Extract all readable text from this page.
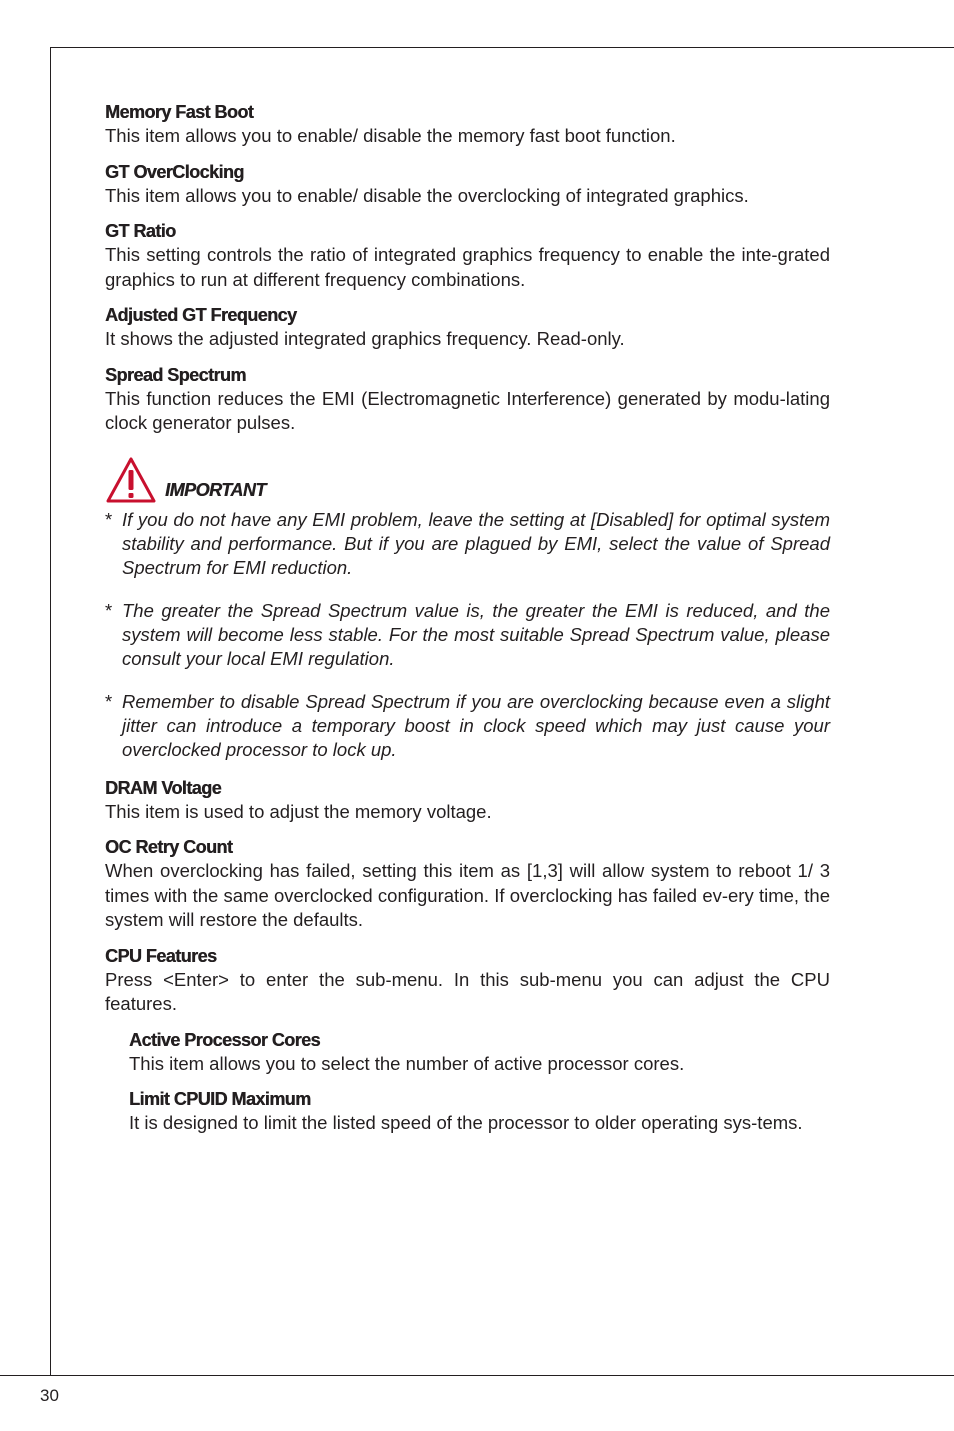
Memory Fast Boot
This item allows you to enable/ disable the memory fast boot function.
GT OverClocking
This item allows you to enable/ disable the overclocking of integrated graphics.
GT Ratio
This setting controls the ratio of integrated graphics frequency to enable the inte-grated graphics to run at different frequency combinations.
Adjusted GT Frequency
It shows the adjusted integrated graphics frequency. Read-only.
Spread Spectrum
This function reduces the EMI (Electromagnetic Interference) generated by modu-lating clock generator pulses.
IMPORTANT
* If you do not have any EMI problem, leave the setting at [Disabled] for optimal system stability and performance. But if you are plagued by EMI, select the value of Spread Spectrum for EMI reduction.
* The greater the Spread Spectrum value is, the greater the EMI is reduced, and the system will become less stable. For the most suitable Spread Spectrum value, please consult your local EMI regulation.
* Remember to disable Spread Spectrum if you are overclocking because even a slight jitter can introduce a temporary boost in clock speed which may just cause your overclocked processor to lock up.
DRAM Voltage
This item is used to adjust the memory voltage.
OC Retry Count
When overclocking has failed, setting this item as [1,3] will allow system to reboot 1/ 3 times with the same overclocked configuration. If overclocking has failed ev-ery time, the system will restore the defaults.
CPU Features
Press <Enter> to enter the sub-menu. In this sub-menu you can adjust the CPU features.
Active Processor Cores
This item allows you to select the number of active processor cores.
Limit CPUID Maximum
It is designed to limit the listed speed of the processor to older operating sys-tems.
30
